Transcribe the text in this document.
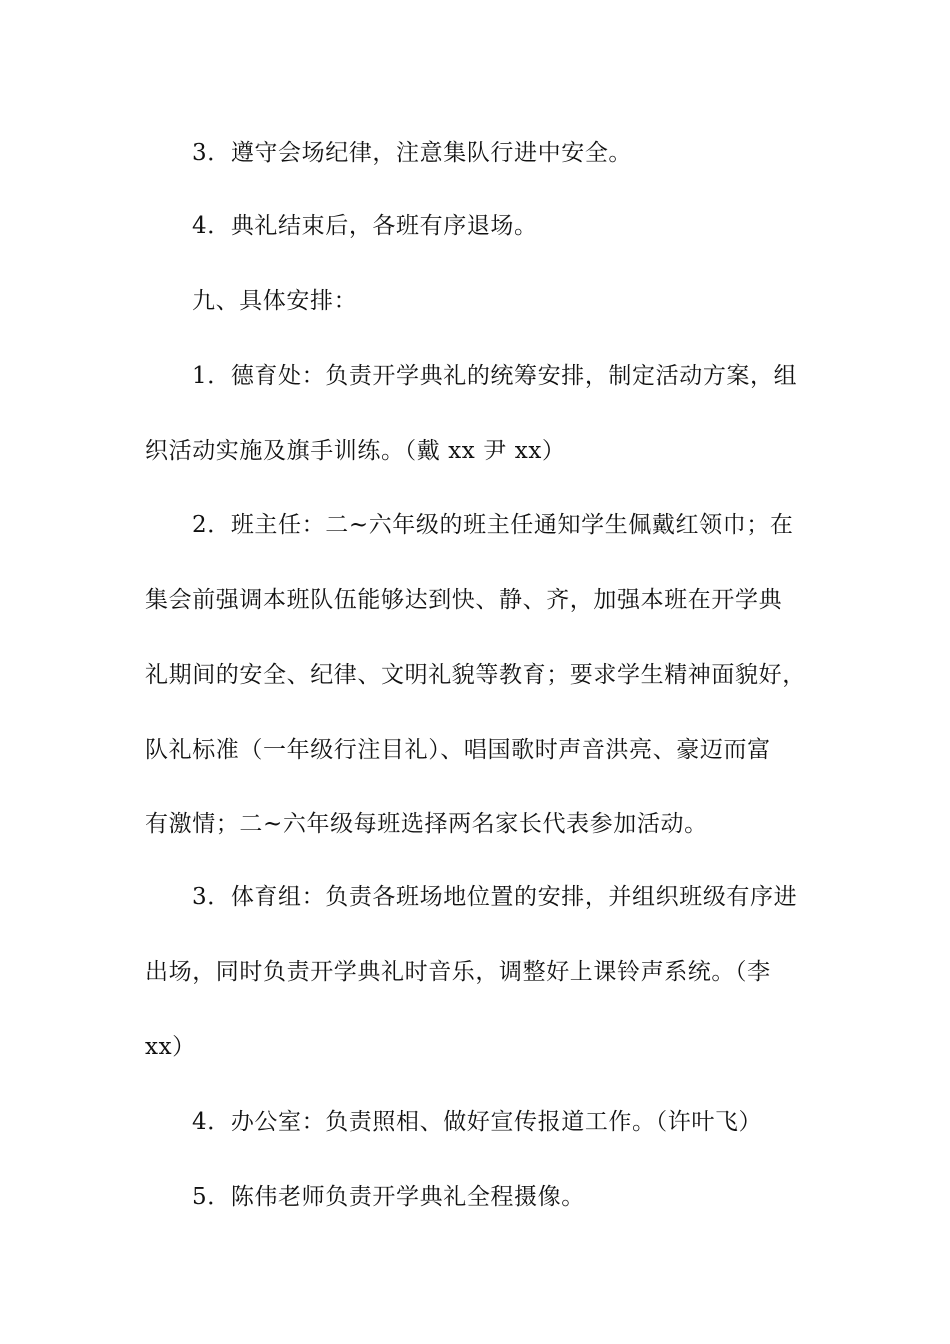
3．遵守会场纪律，注意集队行进中安全。
4．典礼结束后，各班有序退场。
九、具体安排：
1．德育处：负责开学典礼的统筹安排，制定活动方案，组
织活动实施及旗手训练。（戴 xx 尹 xx）
2．班主任：二~六年级的班主任通知学生佩戴红领巾；在
集会前强调本班队伍能够达到快、静、齐，加强本班在开学典
礼期间的安全、纪律、文明礼貌等教育；要求学生精神面貌好，
队礼标准（一年级行注目礼）、唱国歌时声音洪亮、豪迈而富
有激情；二~六年级每班选择两名家长代表参加活动。
3．体育组：负责各班场地位置的安排，并组织班级有序进
出场，同时负责开学典礼时音乐，调整好上课铃声系统。（李
xx）
4．办公室：负责照相、做好宣传报道工作。（许叶飞）
5．陈伟老师负责开学典礼全程摄像。
